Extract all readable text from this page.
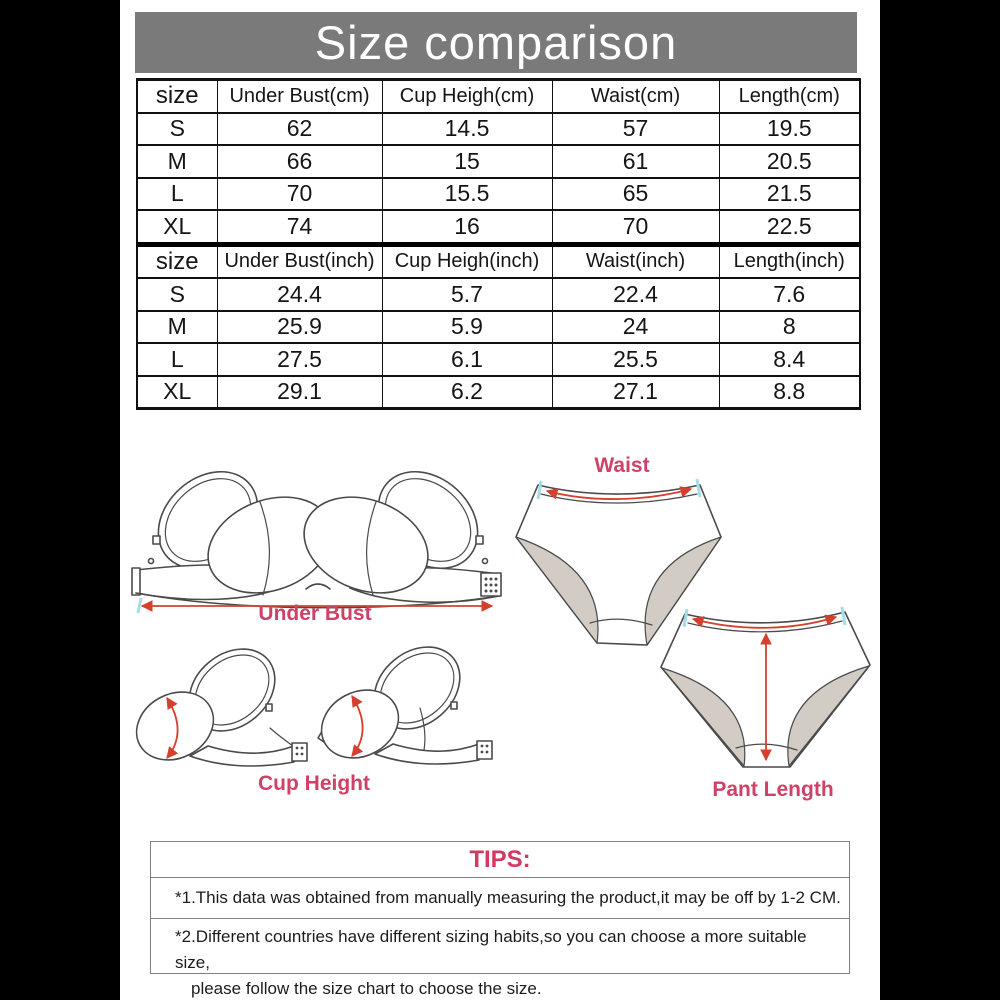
Size comparison
size	Under Bust(cm)	Cup Heigh(cm)	Waist(cm)	Length(cm)
S	62	14.5	57	19.5
M	66	15	61	20.5
L	70	15.5	65	21.5
XL	74	16	70	22.5
size	Under Bust(inch)	Cup Heigh(inch)	Waist(inch)	Length(inch)
S	24.4	5.7	22.4	7.6
M	25.9	5.9	24	8
L	27.5	6.1	25.5	8.4
XL	29.1	6.2	27.1	8.8
Waist
Under Bust
Cup Height	Pant Length
TIPS:
*1.This data was obtained from manually measuring the product,it may be off by 1-2 CM.
*2.Different countries have different sizing habits,so you can choose a more suitable size,
please follow the size chart to choose the size.
